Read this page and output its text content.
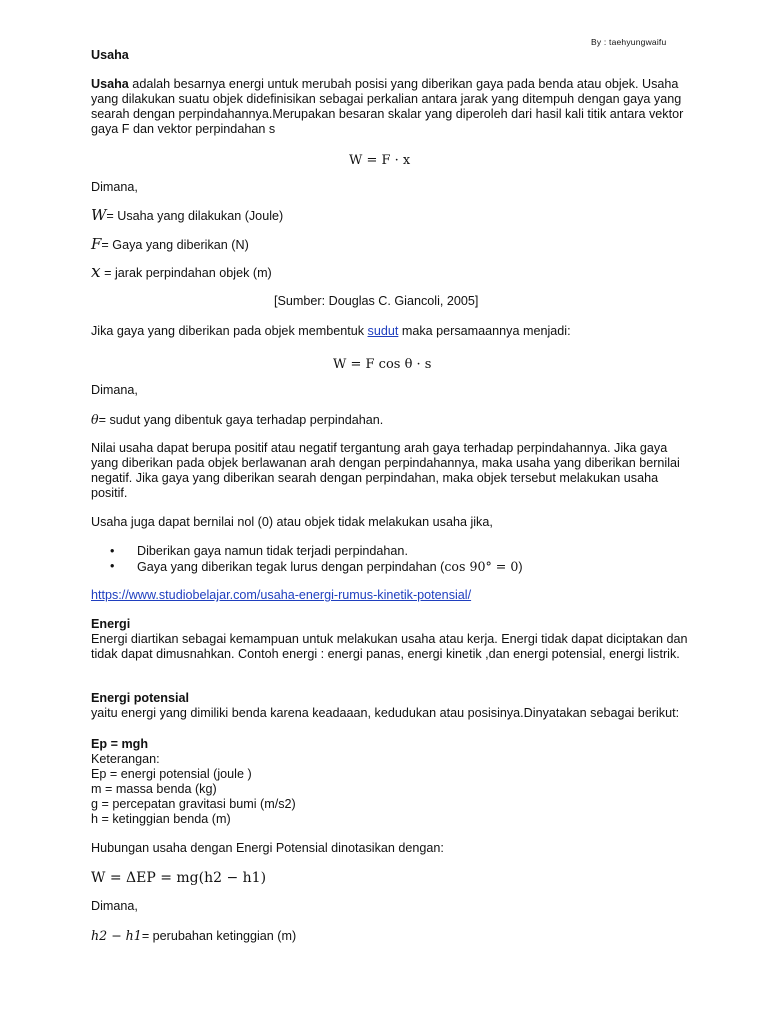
By : taehyungwaifu
Usaha
Usaha adalah besarnya energi untuk merubah posisi yang diberikan gaya pada benda atau objek. Usaha yang dilakukan suatu objek didefinisikan sebagai perkalian antara jarak yang ditempuh dengan gaya yang searah dengan perpindahannya.Merupakan besaran skalar yang diperoleh dari hasil kali titik antara vektor gaya F dan vektor perpindahan s
W = F · x
Dimana,
W= Usaha yang dilakukan (Joule)
F= Gaya yang diberikan (N)
x = jarak perpindahan objek (m)
[Sumber: Douglas C. Giancoli, 2005]
Jika gaya yang diberikan pada objek membentuk sudut maka persamaannya menjadi:
W = F cos θ · s
Dimana,
θ= sudut yang dibentuk gaya terhadap perpindahan.
Nilai usaha dapat berupa positif atau negatif tergantung arah gaya terhadap perpindahannya. Jika gaya yang diberikan pada objek berlawanan arah dengan perpindahannya, maka usaha yang diberikan bernilai negatif. Jika gaya yang diberikan searah dengan perpindahan, maka objek tersebut melakukan usaha positif.
Usaha juga dapat bernilai nol (0) atau objek tidak melakukan usaha jika,
• Diberikan gaya namun tidak terjadi perpindahan.
• Gaya yang diberikan tegak lurus dengan perpindahan (cos 90° = 0)
https://www.studiobelajar.com/usaha-energi-rumus-kinetik-potensial/
Energi
Energi diartikan sebagai kemampuan untuk melakukan usaha atau kerja. Energi tidak dapat diciptakan dan tidak dapat dimusnahkan. Contoh energi : energi panas, energi kinetik ,dan energi potensial, energi listrik.
Energi potensial
yaitu energi yang dimiliki benda karena keadaaan, kedudukan atau posisinya.Dinyatakan sebagai berikut:
Ep = mgh
Keterangan:
Ep = energi potensial (joule )
m = massa benda (kg)
g = percepatan gravitasi bumi (m/s2)
h = ketinggian benda (m)
Hubungan usaha dengan Energi Potensial dinotasikan dengan:
W = ΔEP = mg(h2 − h1)
Dimana,
h2 − h1= perubahan ketinggian (m)
